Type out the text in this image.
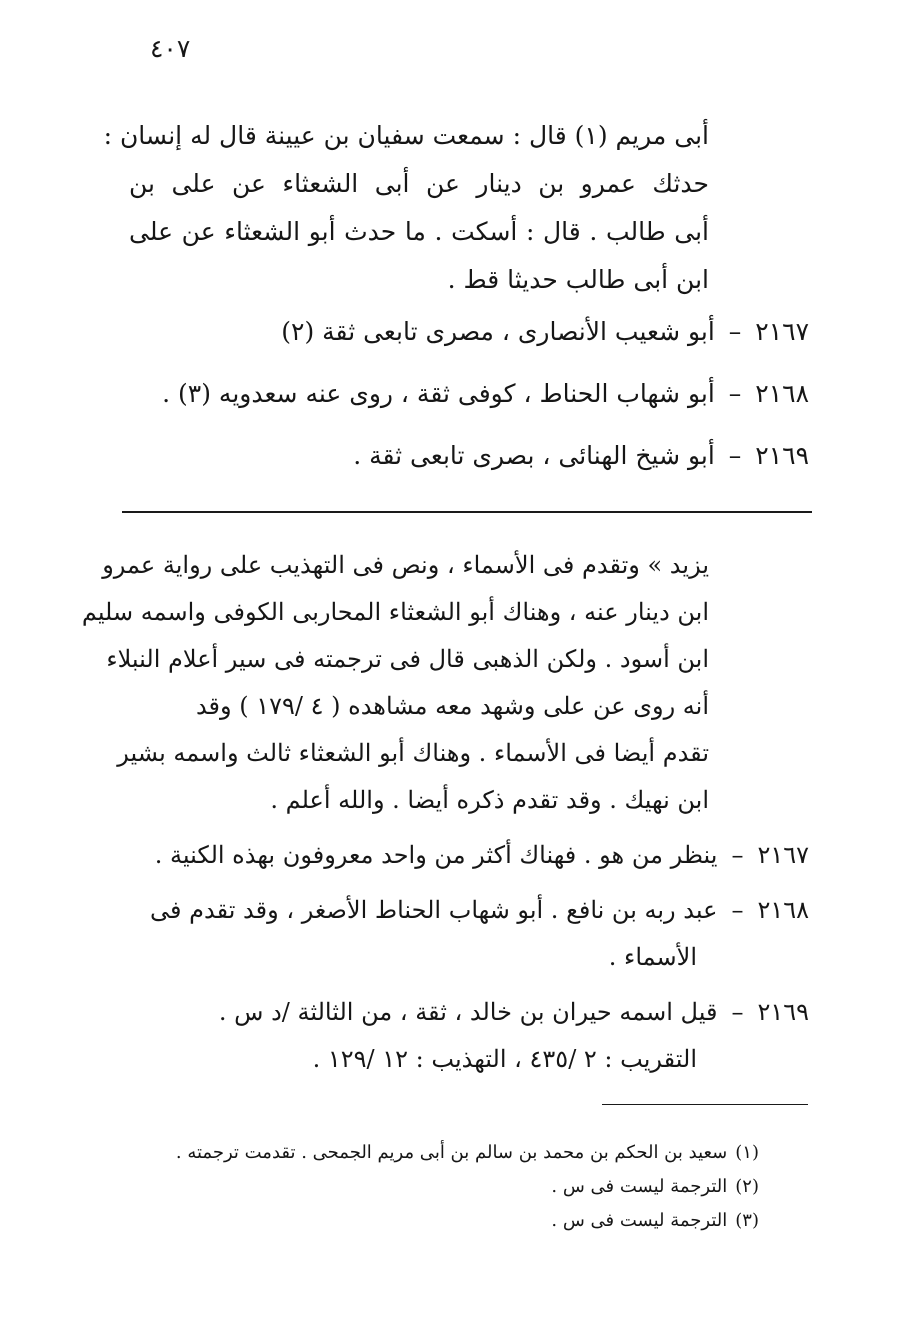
٤٠٧
أبى مريم (١) قال : سمعت سفيان بن عيينة قال له إنسان :
حدثك عمرو بن دينار عن أبى الشعثاء عن على بن
أبى طالب . قال : أسكت . ما حدث أبو الشعثاء عن على
ابن أبى طالب حديثا قط .
٢١٦٧–أبو شعيب الأنصارى ، مصرى تابعى ثقة (٢)
٢١٦٨–أبو شهاب الحناط ، كوفى ثقة ، روى عنه سعدويه (٣) .
٢١٦٩–أبو شيخ الهنائى ، بصرى تابعى ثقة .
يزيد » وتقدم فى الأسماء ، ونص فى التهذيب على رواية عمرو
ابن دينار عنه ، وهناك أبو الشعثاء المحاربى الكوفى واسمه سليم
ابن أسود . ولكن الذهبى قال فى ترجمته فى سير أعلام النبلاء
أنه روى عن على وشهد معه مشاهده ( ٤ /١٧٩ ) وقد
تقدم أيضا فى الأسماء . وهناك أبو الشعثاء ثالث واسمه بشير
ابن نهيك . وقد تقدم ذكره أيضا . والله أعلم .
٢١٦٧–ينظر من هو . فهناك أكثر من واحد معروفون بهذه الكنية .
٢١٦٨–عبد ربه بن نافع . أبو شهاب الحناط الأصغر ، وقد تقدم فى
الأسماء .
٢١٦٩–قيل اسمه حيران بن خالد ، ثقة ، من الثالثة /د س .
التقريب : ٢ /٤٣٥ ، التهذيب : ١٢ /١٢٩ .
(١)سعيد بن الحكم بن محمد بن سالم بن أبى مريم الجمحى . تقدمت ترجمته .
(٢)الترجمة ليست فى س .
(٣)الترجمة ليست فى س .
